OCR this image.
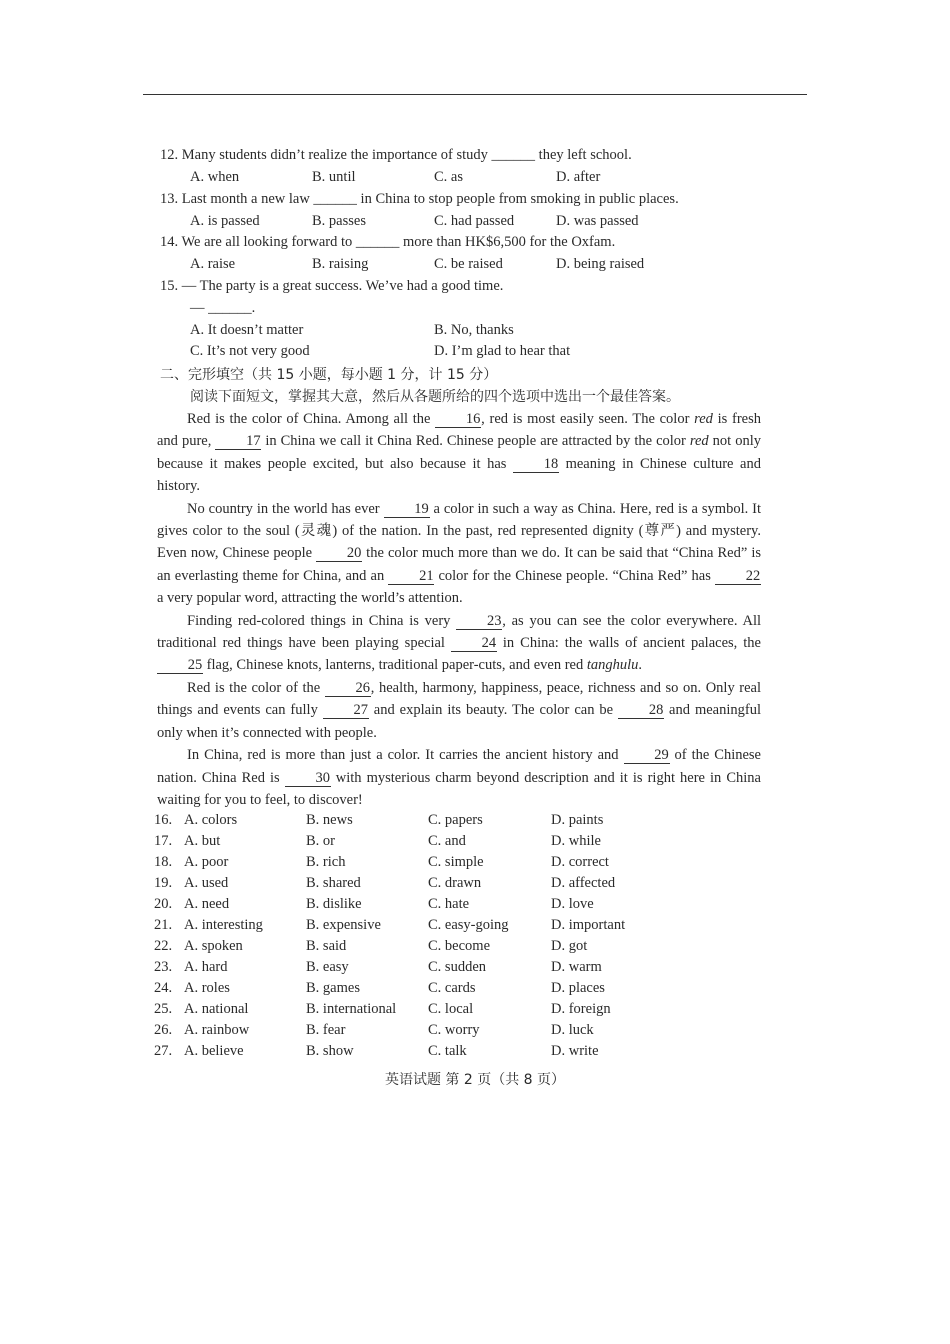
12. Many students didn’t realize the importance of study ______ they left school.
A. when	B. until	C. as	D. after
13. Last month a new law ______ in China to stop people from smoking in public places.
A. is passed	B. passes	C. had passed	D. was passed
14. We are all looking forward to ______ more than HK$6,500 for the Oxfam.
A. raise	B. raising	C. be raised	D. being raised
15. — The party is a great success. We’ve had a good time.
— ______.
A. It doesn’t matter	B. No, thanks
C. It’s not very good	D. I’m glad to hear that
二、完形填空（共 15 小题，每小题 1 分，计 15 分）
阅读下面短文，掌握其大意，然后从各题所给的四个选项中选出一个最佳答案。

Red is the color of China. Among all the 16, red is most easily seen. The color red is fresh and pure, 17 in China we call it China Red. Chinese people are attracted by the color red not only because it makes people excited, but also because it has 18 meaning in Chinese culture and history.

No country in the world has ever 19 a color in such a way as China. Here, red is a symbol. It gives color to the soul (灵魂) of the nation. In the past, red represented dignity (尊严) and mystery. Even now, Chinese people 20 the color much more than we do. It can be said that “China Red” is an everlasting theme for China, and an 21 color for the Chinese people. “China Red” has 22 a very popular word, attracting the world’s attention.

Finding red-colored things in China is very 23, as you can see the color everywhere. All traditional red things have been playing special 24 in China: the walls of ancient palaces, the 25 flag, Chinese knots, lanterns, traditional paper-cuts, and even red tanghulu.

Red is the color of the 26, health, harmony, happiness, peace, richness and so on. Only real things and events can fully 27 and explain its beauty. The color can be 28 and meaningful only when it’s connected with people.

In China, red is more than just a color. It carries the ancient history and 29 of the Chinese nation. China Red is 30 with mysterious charm beyond description and it is right here in China waiting for you to feel, to discover!

16. A. colors	B. news	C. papers	D. paints
17. A. but	B. or	C. and	D. while
18. A. poor	B. rich	C. simple	D. correct
19. A. used	B. shared	C. drawn	D. affected
20. A. need	B. dislike	C. hate	D. love
21. A. interesting	B. expensive	C. easy-going	D. important
22. A. spoken	B. said	C. become	D. got
23. A. hard	B. easy	C. sudden	D. warm
24. A. roles	B. games	C. cards	D. places
25. A. national	B. international C. local	D. foreign
26. A. rainbow	B. fear	C. worry	D. luck
27. A. believe	B. show	C. talk	D. write
英语试题 第 2 页（共 8 页）
